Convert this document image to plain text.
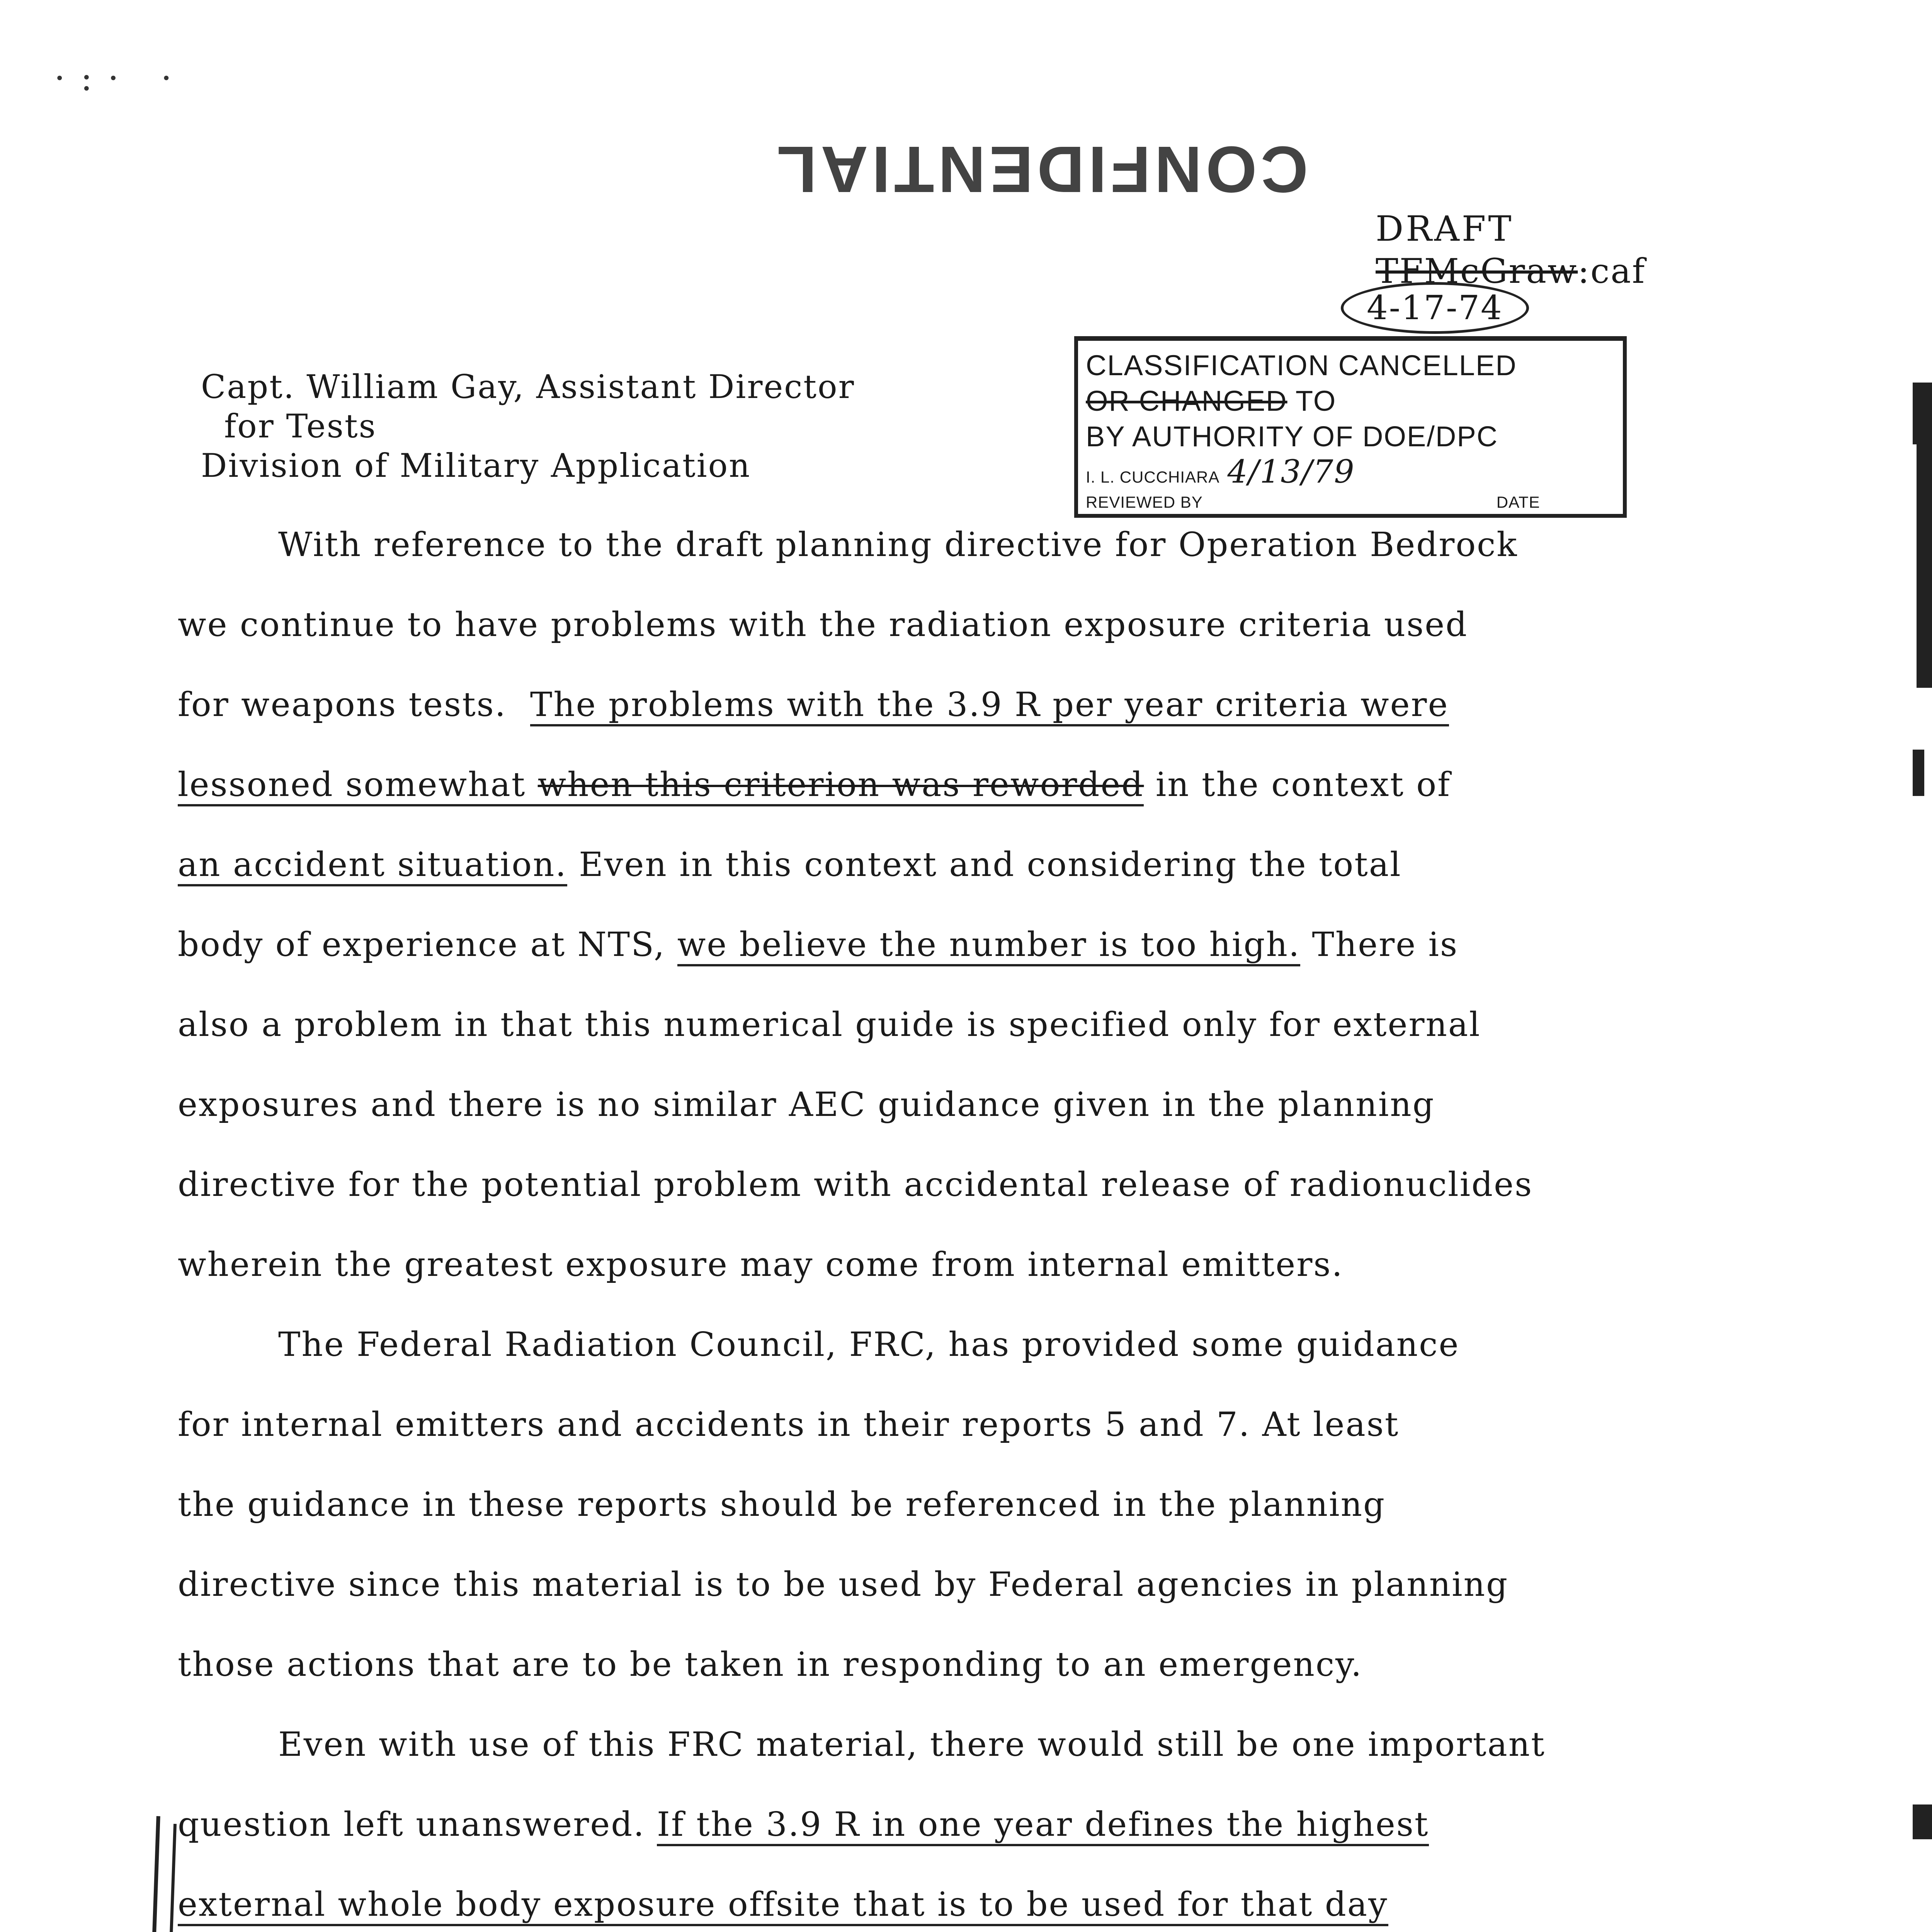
·:· ·
CONFIDENTIAL
DRAFT
TFMcGraw:caf
4-17-74
CLASSIFICATION CANCELLED
OR CHANGED TO
BY AUTHORITY OF DOE/DPC
I. L. CUCCHIARA 4/13/79
REVIEWED BY	DATE
Capt. William Gay, Assistant Director
for Tests
Division of Military Application
With reference to the draft planning directive for Operation Bedrock
we continue to have problems with the radiation exposure criteria used
for weapons tests. The problems with the 3.9 R per year criteria were
lessoned somewhat when this criterion was reworded in the context of
an accident situation. Even in this context and considering the total
body of experience at NTS, we believe the number is too high. There is
also a problem in that this numerical guide is specified only for external
exposures and there is no similar AEC guidance given in the planning
directive for the potential problem with accidental release of radionuclides
wherein the greatest exposure may come from internal emitters.
The Federal Radiation Council, FRC, has provided some guidance
for internal emitters and accidents in their reports 5 and 7. At least
the guidance in these reports should be referenced in the planning
directive since this material is to be used by Federal agencies in planning
those actions that are to be taken in responding to an emergency.
Even with use of this FRC material, there would still be one important
question left unanswered. If the 3.9 R in one year defines the highest
external whole body exposure offsite that is to be used for that day
